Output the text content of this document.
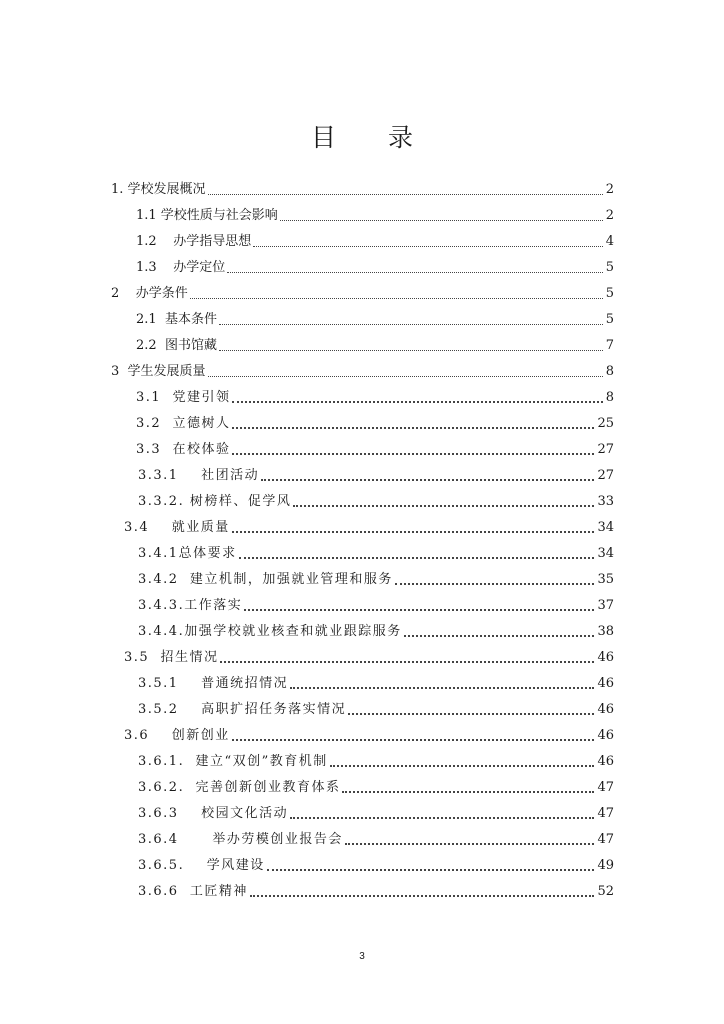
目 录
1. 学校发展概况	2
1.1 学校性质与社会影响	2
1.2    办学指导思想	4
1.3    办学定位	5
2    办学条件	5
2.1  基本条件	5
2.2  图书馆藏	7
3  学生发展质量	8
3.1  党建引领	8
3.2  立德树人	25
3.3  在校体验	27
3.3.1    社团活动	27
3.3.2. 树榜样、促学风	33
3.4    就业质量	34
3.4.1总体要求	34
3.4.2  建立机制，加强就业管理和服务	35
3.4.3.工作落实	37
3.4.4.加强学校就业核查和就业跟踪服务	38
3.5  招生情况	46
3.5.1    普通统招情况	46
3.5.2    高职扩招任务落实情况	46
3.6    创新创业	46
3.6.1.  建立“双创”教育机制	46
3.6.2.  完善创新创业教育体系	47
3.6.3    校园文化活动	47
3.6.4      举办劳模创业报告会	47
3.6.5.    学风建设	49
3.6.6  工匠精神	52
3
